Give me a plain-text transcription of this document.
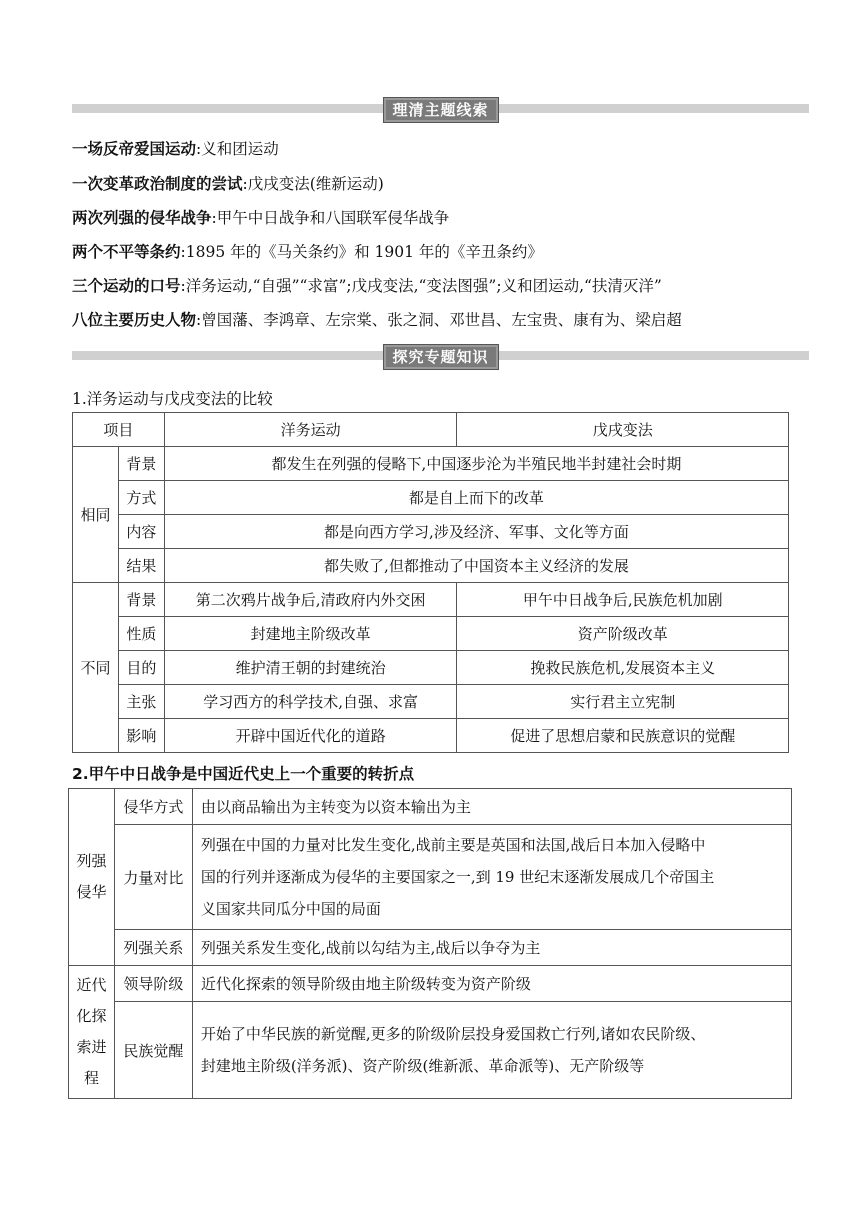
理清主题线索
一场反帝爱国运动:义和团运动
一次变革政治制度的尝试:戊戌变法(维新运动)
两次列强的侵华战争:甲午中日战争和八国联军侵华战争
两个不平等条约:1895 年的《马关条约》和 1901 年的《辛丑条约》
三个运动的口号:洋务运动,“自强”“求富”;戊戌变法,“变法图强”;义和团运动,“扶清灭洋”
八位主要历史人物:曾国藩、李鸿章、左宗棠、张之洞、邓世昌、左宝贵、康有为、梁启超
探究专题知识
1.洋务运动与戊戌变法的比较
项目		洋务运动	戊戌变法
相同	背景	都发生在列强的侵略下,中国逐步沦为半殖民地半封建社会时期	
	方式	都是自上而下的改革	
	内容	都是向西方学习,涉及经济、军事、文化等方面	
	结果	都失败了,但都推动了中国资本主义经济的发展	
不同	背景	第二次鸦片战争后,清政府内外交困	甲午中日战争后,民族危机加剧
	性质	封建地主阶级改革	资产阶级改革
	目的	维护清王朝的封建统治	挽救民族危机,发展资本主义
	主张	学习西方的科学技术,自强、求富	实行君主立宪制
	影响	开辟中国近代化的道路	促进了思想启蒙和民族意识的觉醒
2.甲午中日战争是中国近代史上一个重要的转折点
列强
侵华	侵华方式	由以商品输出为主转变为以资本输出为主
	力量对比	列强在中国的力量对比发生变化,战前主要是英国和法国,战后日本加入侵略中
国的行列并逐渐成为侵华的主要国家之一,到 19 世纪末逐渐发展成几个帝国主
义国家共同瓜分中国的局面

	列强关系	列强关系发生变化,战前以勾结为主,战后以争夺为主

近代
化探
索进
程	领导阶级	近代化探索的领导阶级由地主阶级转变为资产阶级
	民族觉醒	开始了中华民族的新觉醒,更多的阶级阶层投身爱国救亡行列,诸如农民阶级、
封建地主阶级(洋务派)、资产阶级(维新派、革命派等)、无产阶级等
